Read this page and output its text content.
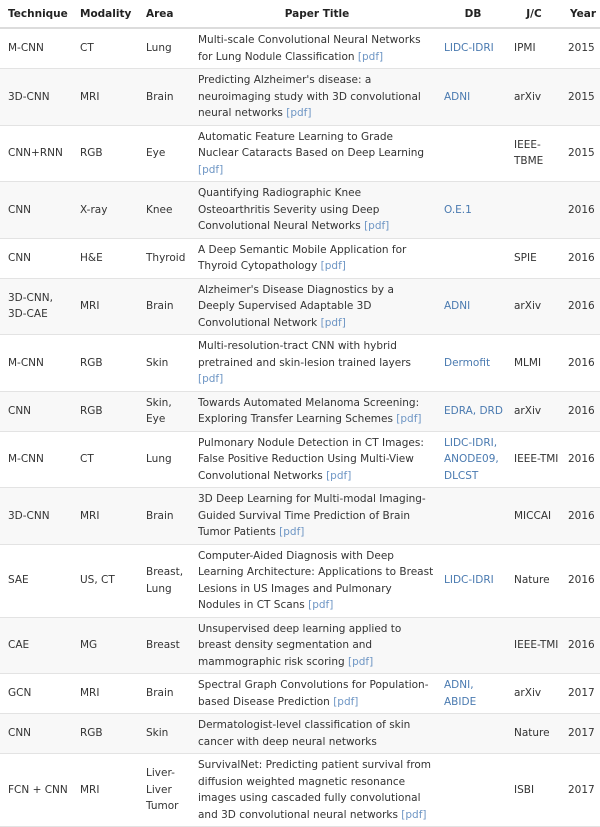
Technique	Modality	Area	Paper Title	DB	J/C	Year
M-CNN	CT	Lung	Multi-scale Convolutional Neural Networks for Lung Nodule Classification [pdf]	LIDC-IDRI	IPMI	2015
3D-CNN	MRI	Brain	Predicting Alzheimer's disease: a neuroimaging study with 3D convolutional neural networks [pdf]	ADNI	arXiv	2015
CNN+RNN	RGB	Eye	Automatic Feature Learning to Grade Nuclear Cataracts Based on Deep Learning [pdf]		IEEE-TBME	2015
CNN	X-ray	Knee	Quantifying Radiographic Knee Osteoarthritis Severity using Deep Convolutional Neural Networks [pdf]	O.E.1		2016
CNN	H&E	Thyroid	A Deep Semantic Mobile Application for Thyroid Cytopathology [pdf]		SPIE	2016
3D-CNN, 3D-CAE	MRI	Brain	Alzheimer's Disease Diagnostics by a Deeply Supervised Adaptable 3D Convolutional Network [pdf]	ADNI	arXiv	2016
M-CNN	RGB	Skin	Multi-resolution-tract CNN with hybrid pretrained and skin-lesion trained layers [pdf]	Dermofit	MLMI	2016
CNN	RGB	Skin, Eye	Towards Automated Melanoma Screening: Exploring Transfer Learning Schemes [pdf]	EDRA, DRD	arXiv	2016
M-CNN	CT	Lung	Pulmonary Nodule Detection in CT Images: False Positive Reduction Using Multi-View Convolutional Networks [pdf]	LIDC-IDRI, ANODE09, DLCST	IEEE-TMI	2016
3D-CNN	MRI	Brain	3D Deep Learning for Multi-modal Imaging-Guided Survival Time Prediction of Brain Tumor Patients [pdf]		MICCAI	2016
SAE	US, CT	Breast, Lung	Computer-Aided Diagnosis with Deep Learning Architecture: Applications to Breast Lesions in US Images and Pulmonary Nodules in CT Scans [pdf]	LIDC-IDRI	Nature	2016
CAE	MG	Breast	Unsupervised deep learning applied to breast density segmentation and mammographic risk scoring [pdf]		IEEE-TMI	2016
GCN	MRI	Brain	Spectral Graph Convolutions for Population-based Disease Prediction [pdf]	ADNI, ABIDE	arXiv	2017
CNN	RGB	Skin	Dermatologist-level classification of skin cancer with deep neural networks		Nature	2017
FCN + CNN	MRI	Liver-Liver Tumor	SurvivalNet: Predicting patient survival from diffusion weighted magnetic resonance images using cascaded fully convolutional and 3D convolutional neural networks [pdf]		ISBI	2017
